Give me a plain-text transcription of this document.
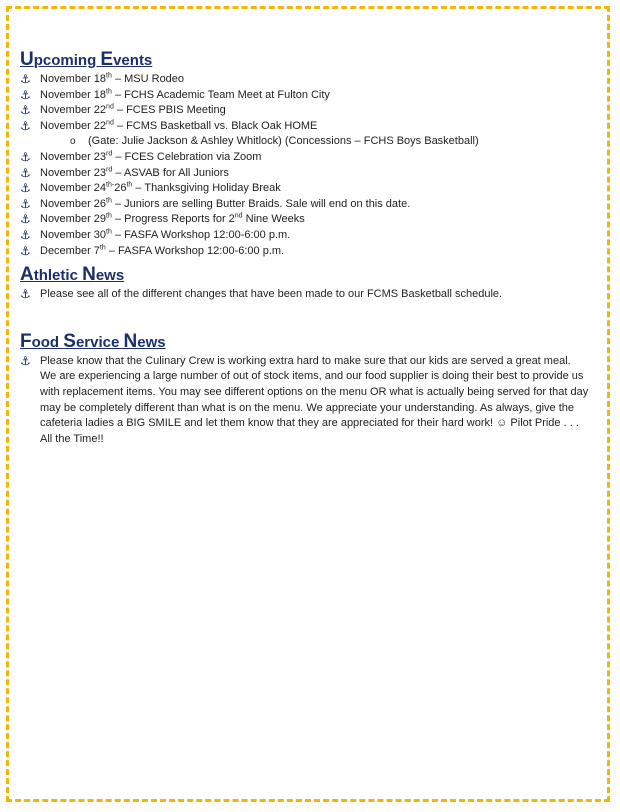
Upcoming Events
⚓ November 18th – MSU Rodeo
⚓ November 18th – FCHS Academic Team Meet at Fulton City
⚓ November 22nd – FCES PBIS Meeting
⚓ November 22nd – FCMS Basketball vs. Black Oak HOME
o (Gate: Julie Jackson & Ashley Whitlock) (Concessions – FCHS Boys Basketball)
⚓ November 23rd – FCES Celebration via Zoom
⚓ November 23rd – ASVAB for All Juniors
⚓ November $24^{th-}26th$ – Thanksgiving Holiday Break
⚓ November 26th – Juniors are selling Butter Braids. Sale will end on this date.
⚓ November 29th – Progress Reports for 2nd Nine Weeks
⚓ November 30th – FASFA Workshop 12:00-6:00 p.m.
⚓ December 7th – FASFA Workshop 12:00-6:00 p.m.
Athletic News
⚓ Please see all of the different changes that have been made to our FCMS Basketball schedule.
Food Service News
⚓ Please know that the Culinary Crew is working extra hard to make sure that our kids are served a great meal. We are experiencing a large number of out of stock items, and our food supplier is doing their best to provide us with replacement items. You may see different options on the menu OR what is actually being served for that day may be completely different than what is on the menu. We appreciate your understanding. As always, give the cafeteria ladies a BIG SMILE and let them know that they are appreciated for their hard work! ☺ Pilot Pride . . . All the Time!!
